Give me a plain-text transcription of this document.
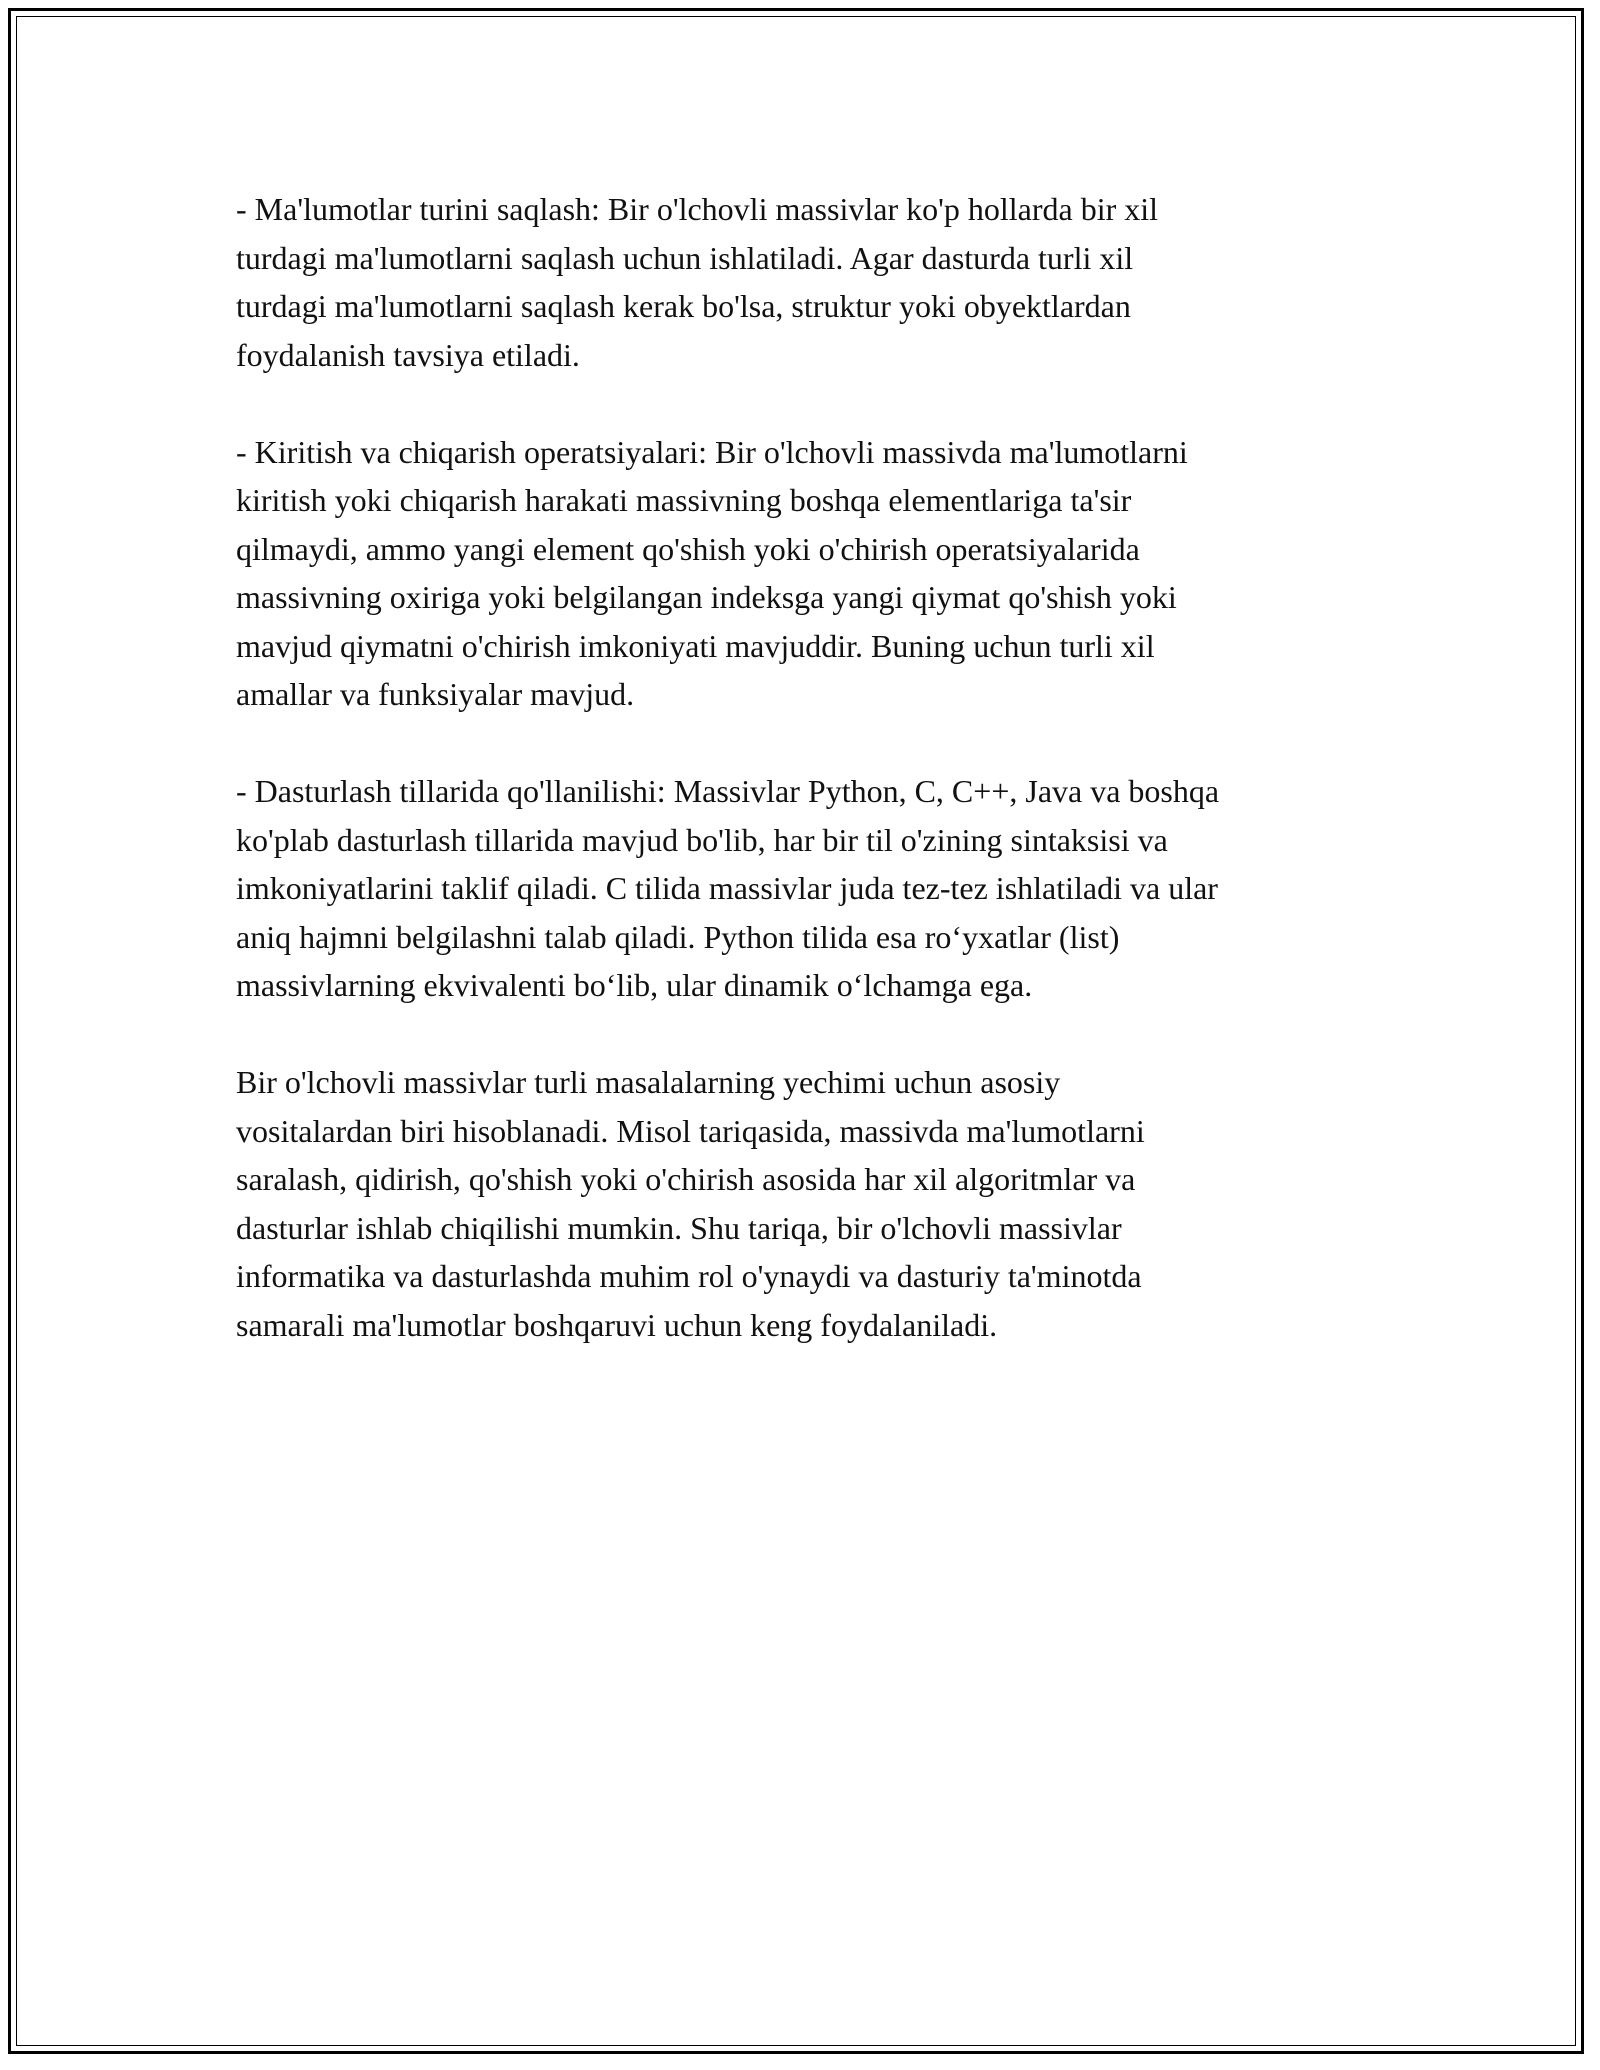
- Ma'lumotlar turini saqlash: Bir o'lchovli massivlar ko'p hollarda bir xil
turdagi ma'lumotlarni saqlash uchun ishlatiladi. Agar dasturda turli xil
turdagi ma'lumotlarni saqlash kerak bo'lsa, struktur yoki obyektlardan
foydalanish tavsiya etiladi.

- Kiritish va chiqarish operatsiyalari: Bir o'lchovli massivda ma'lumotlarni
kiritish yoki chiqarish harakati massivning boshqa elementlariga ta'sir
qilmaydi, ammo yangi element qo'shish yoki o'chirish operatsiyalarida
massivning oxiriga yoki belgilangan indeksga yangi qiymat qo'shish yoki
mavjud qiymatni o'chirish imkoniyati mavjuddir. Buning uchun turli xil
amallar va funksiyalar mavjud.

- Dasturlash tillarida qo'llanilishi: Massivlar Python, C, C++, Java va boshqa
ko'plab dasturlash tillarida mavjud bo'lib, har bir til o'zining sintaksisi va
imkoniyatlarini taklif qiladi. C tilida massivlar juda tez-tez ishlatiladi va ular
aniq hajmni belgilashni talab qiladi. Python tilida esa ro‘yxatlar (list)
massivlarning ekvivalenti bo‘lib, ular dinamik o‘lchamga ega.

Bir o'lchovli massivlar turli masalalarning yechimi uchun asosiy
vositalardan biri hisoblanadi. Misol tariqasida, massivda ma'lumotlarni
saralash, qidirish, qo'shish yoki o'chirish asosida har xil algoritmlar va
dasturlar ishlab chiqilishi mumkin. Shu tariqa, bir o'lchovli massivlar
informatika va dasturlashda muhim rol o'ynaydi va dasturiy ta'minotda
samarali ma'lumotlar boshqaruvi uchun keng foydalaniladi.
